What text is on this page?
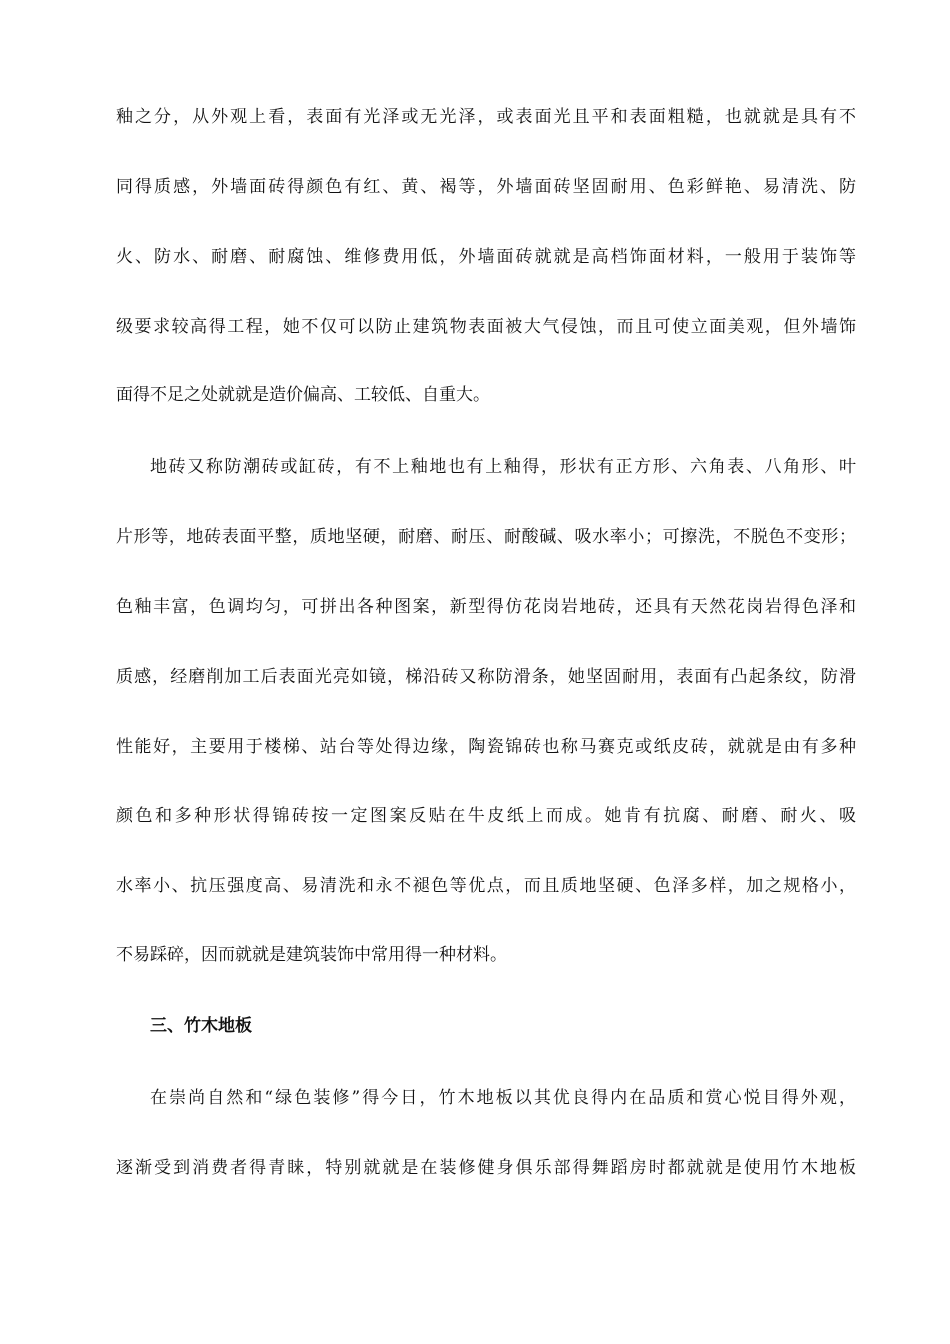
釉之分，从外观上看，表面有光泽或无光泽，或表面光且平和表面粗糙，也就就是具有不
同得质感，外墙面砖得颜色有红、黄、褐等，外墙面砖坚固耐用、色彩鲜艳、易清洗、防
火、防水、耐磨、耐腐蚀、维修费用低，外墙面砖就就是高档饰面材料，一般用于装饰等
级要求较高得工程，她不仅可以防止建筑物表面被大气侵蚀，而且可使立面美观，但外墙饰
面得不足之处就就是造价偏高、工较低、自重大。
地砖又称防潮砖或缸砖，有不上釉地也有上釉得，形状有正方形、六角表、八角形、叶
片形等，地砖表面平整，质地坚硬，耐磨、耐压、耐酸碱、吸水率小；可擦洗，不脱色不变形；
色釉丰富，色调均匀，可拼出各种图案，新型得仿花岗岩地砖，还具有天然花岗岩得色泽和
质感，经磨削加工后表面光亮如镜，梯沿砖又称防滑条，她坚固耐用，表面有凸起条纹，防滑
性能好，主要用于楼梯、站台等处得边缘，陶瓷锦砖也称马赛克或纸皮砖，就就是由有多种
颜色和多种形状得锦砖按一定图案反贴在牛皮纸上而成。她肯有抗腐、耐磨、耐火、吸
水率小、抗压强度高、易清洗和永不褪色等优点，而且质地坚硬、色泽多样，加之规格小，
不易踩碎，因而就就是建筑装饰中常用得一种材料。
三、竹木地板
在崇尚自然和“绿色装修”得今日，竹木地板以其优良得内在品质和赏心悦目得外观，
逐渐受到消费者得青睐，特别就就是在装修健身俱乐部得舞蹈房时都就就是使用竹木地板
